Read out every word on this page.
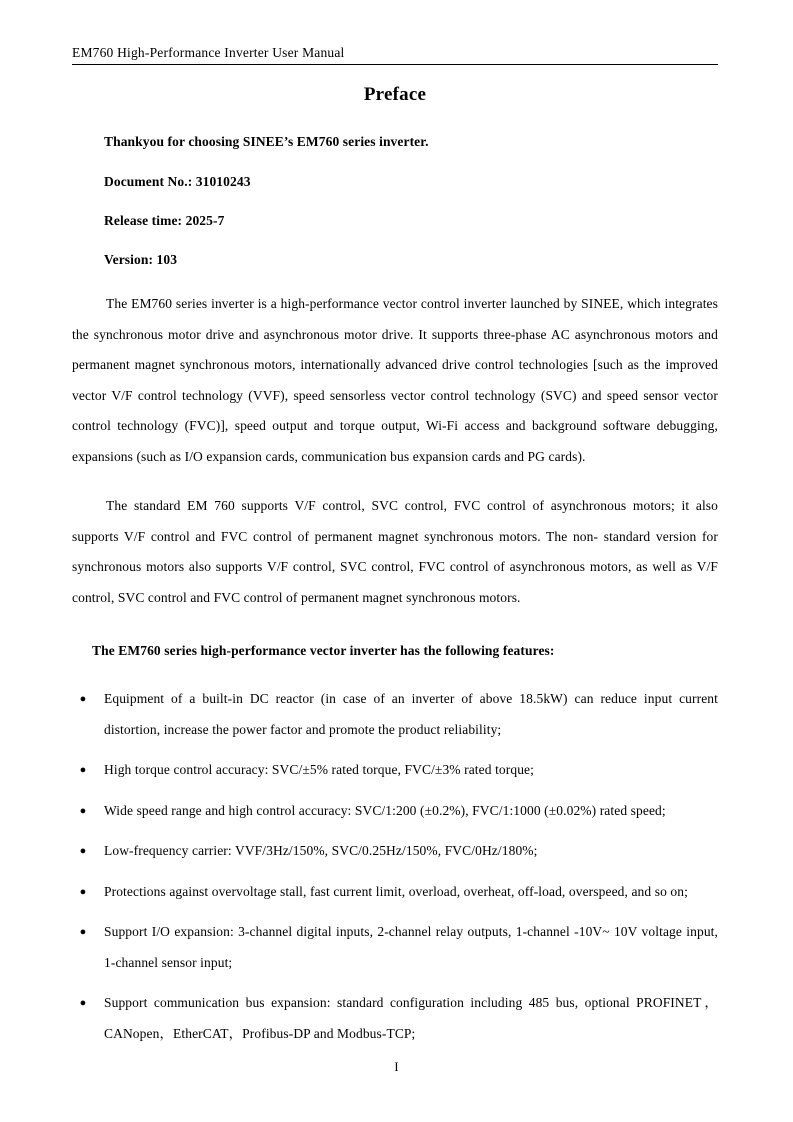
EM760 High-Performance Inverter User Manual
Preface
Thankyou for choosing SINEE’s EM760 series inverter.
Document No.: 31010243
Release time: 2025-7
Version: 103

The EM760 series inverter is a high-performance vector control inverter launched by SINEE, which integrates the synchronous motor drive and asynchronous motor drive. It supports three-phase AC asynchronous motors and permanent magnet synchronous motors, internationally advanced drive control technologies [such as the improved vector V/F control technology (VVF), speed sensorless vector control technology (SVC) and speed sensor vector control technology (FVC)], speed output and torque output, Wi-Fi access and background software debugging, expansions (such as I/O expansion cards, communication bus expansion cards and PG cards).

The standard EM 760 supports V/F control, SVC control, FVC control of asynchronous motors; it also supports V/F control and FVC control of permanent magnet synchronous motors. The non- standard version for synchronous motors also supports V/F control, SVC control, FVC control of asynchronous motors, as well as V/F control, SVC control and FVC control of permanent magnet synchronous motors.

The EM760 series high-performance vector inverter has the following features:

● Equipment of a built-in DC reactor (in case of an inverter of above 18.5kW) can reduce input current distortion, increase the power factor and promote the product reliability;
● High torque control accuracy: SVC/±5% rated torque, FVC/±3% rated torque;
● Wide speed range and high control accuracy: SVC/1:200 (±0.2%), FVC/1:1000 (±0.02%) rated speed;
● Low-frequency carrier: VVF/3Hz/150%, SVC/0.25Hz/150%, FVC/0Hz/180%;
● Protections against overvoltage stall, fast current limit, overload, overheat, off-load, overspeed, and so on;
● Support I/O expansion: 3-channel digital inputs, 2-channel relay outputs, 1-channel -10V~ 10V voltage input, 1-channel sensor input;
● Support communication bus expansion: standard configuration including 485 bus, optional PROFINET，CANopen，EtherCAT，Profibus-DP and Modbus-TCP;
I
